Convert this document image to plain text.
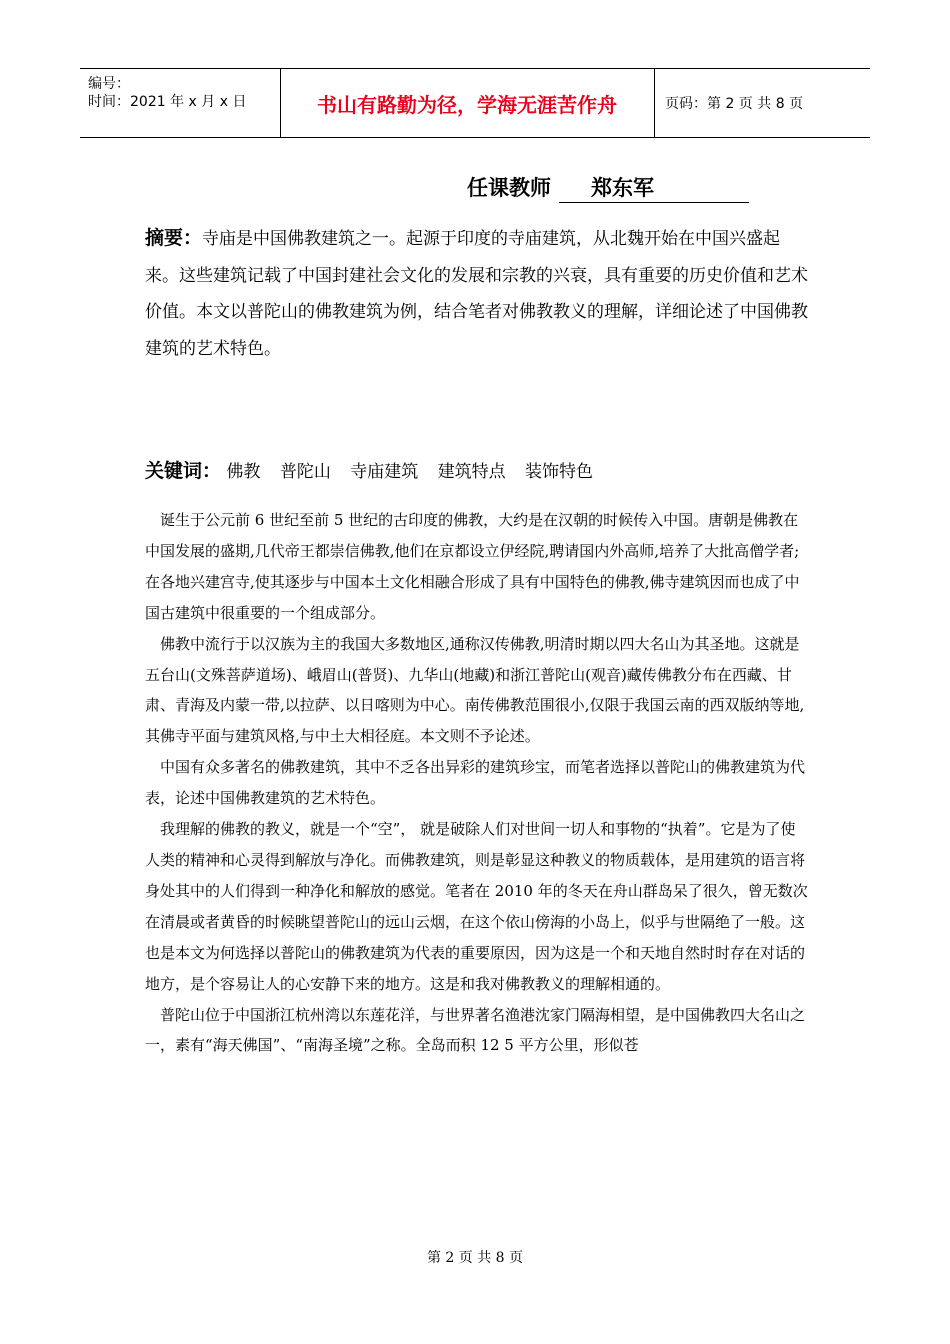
编号：
时间：2021 年 x 月 x 日	书山有路勤为径，学海无涯苦作舟	页码：第 2 页 共 8 页
任课教师 郑东军
摘要：寺庙是中国佛教建筑之一。起源于印度的寺庙建筑，从北魏开始在中国兴盛起来。这些建筑记载了中国封建社会文化的发展和宗教的兴衰，具有重要的历史价值和艺术价值。本文以普陀山的佛教建筑为例，结合笔者对佛教教义的理解，详细论述了中国佛教建筑的艺术特色。
关键词： 佛教 普陀山 寺庙建筑 建筑特点 装饰特色

诞生于公元前 6 世纪至前 5 世纪的古印度的佛教，大约是在汉朝的时候传入中国。唐朝是佛教在中国发展的盛期,几代帝王都崇信佛教,他们在京都设立伊经院,聘请国内外高师,培养了大批高僧学者;在各地兴建宫寺,使其逐步与中国本土文化相融合形成了具有中国特色的佛教,佛寺建筑因而也成了中国古建筑中很重要的一个组成部分。

佛教中流行于以汉族为主的我国大多数地区,通称汉传佛教,明清时期以四大名山为其圣地。这就是五台山(文殊菩萨道场)、峨眉山(普贤)、九华山(地藏)和浙江普陀山(观音)藏传佛教分布在西藏、甘肃、青海及内蒙一带,以拉萨、以日喀则为中心。南传佛教范围很小,仅限于我国云南的西双版纳等地,其佛寺平面与建筑风格,与中土大相径庭。本文则不予论述。

中国有众多著名的佛教建筑，其中不乏各出异彩的建筑珍宝，而笔者选择以普陀山的佛教建筑为代表，论述中国佛教建筑的艺术特色。

我理解的佛教的教义，就是一个“空”， 就是破除人们对世间一切人和事物的“执着”。它是为了使人类的精神和心灵得到解放与净化。而佛教建筑，则是彰显这种教义的物质载体，是用建筑的语言将身处其中的人们得到一种净化和解放的感觉。笔者在 2010 年的冬天在舟山群岛呆了很久，曾无数次在清晨或者黄昏的时候眺望普陀山的远山云烟，在这个依山傍海的小岛上，似乎与世隔绝了一般。这也是本文为何选择以普陀山的佛教建筑为代表的重要原因，因为这是一个和天地自然时时存在对话的地方，是个容易让人的心安静下来的地方。这是和我对佛教教义的理解相通的。

普陀山位于中国浙江杭州湾以东莲花洋，与世界著名渔港沈家门隔海相望，是中国佛教四大名山之一，素有“海天佛国”、“南海圣境”之称。全岛而积 12 5 平方公里，形似苍

第 2 页 共 8 页
